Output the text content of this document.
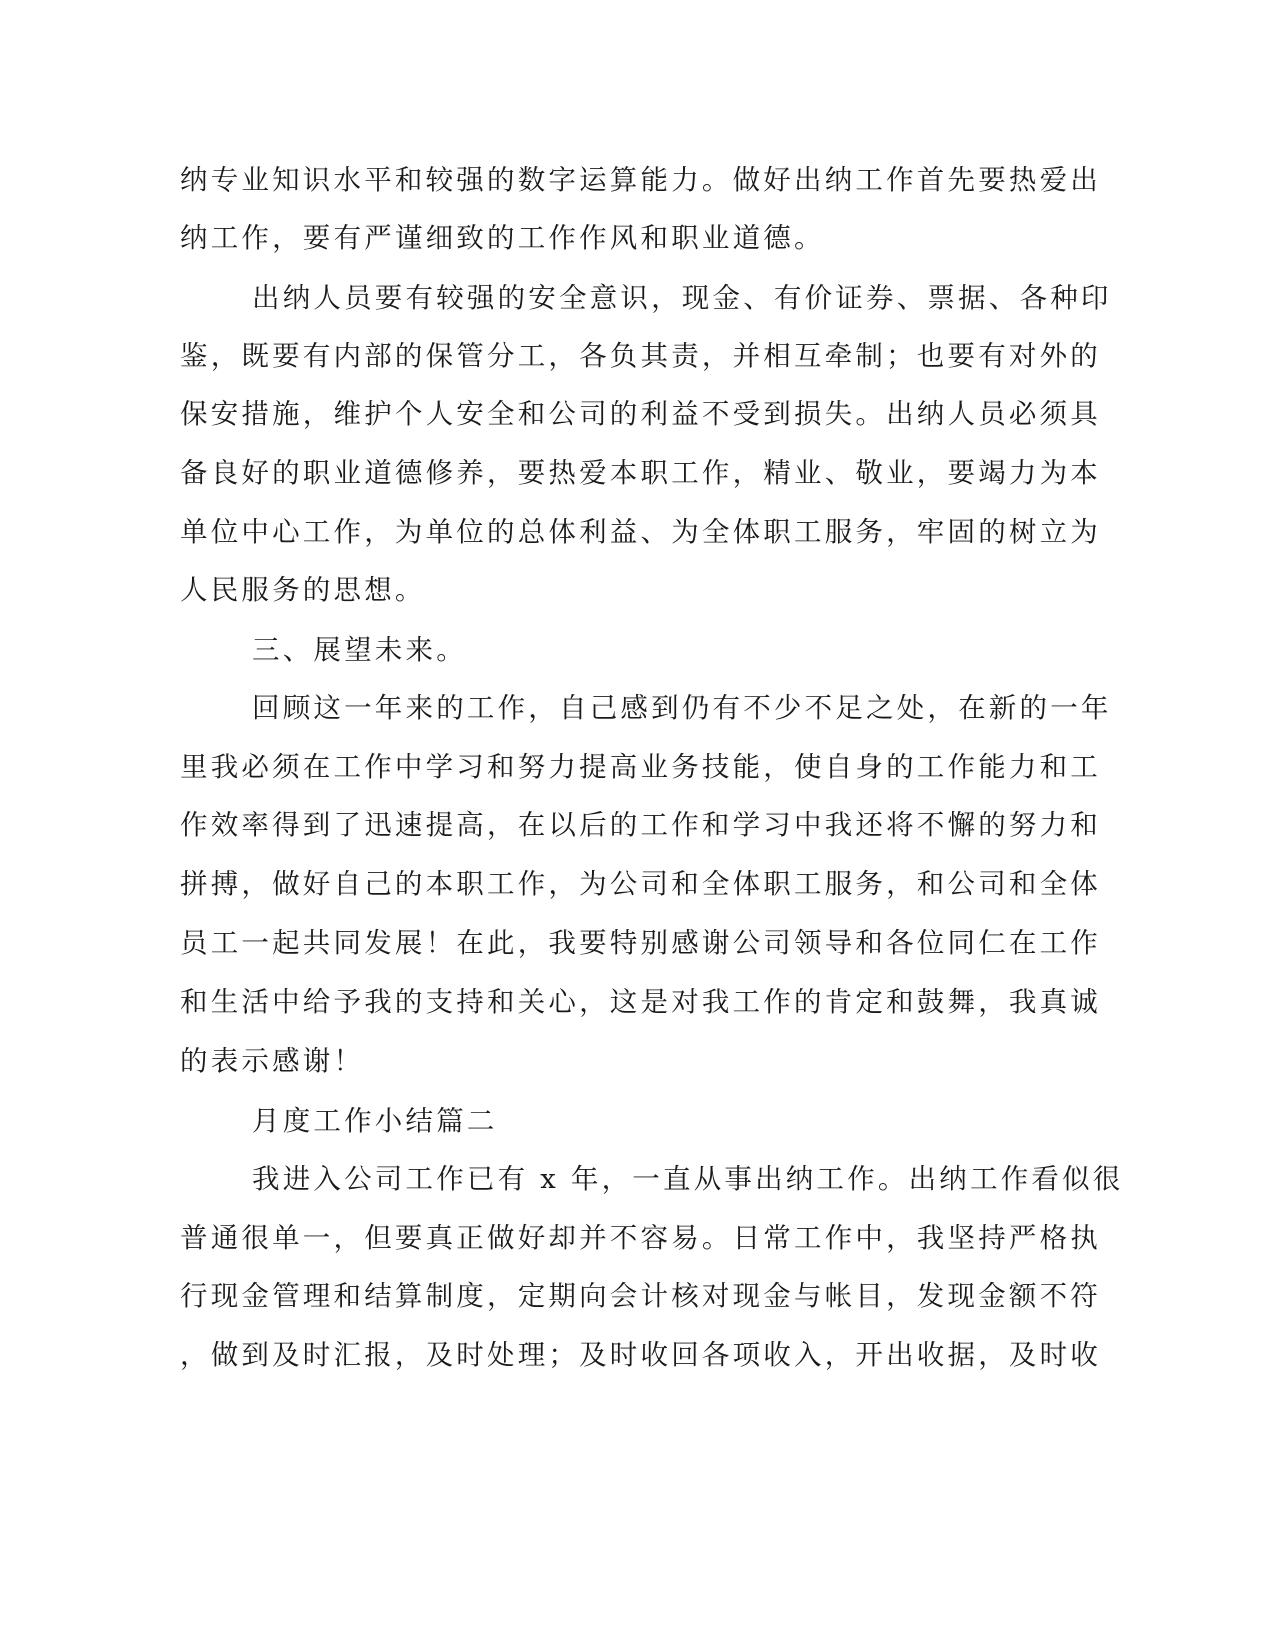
纳专业知识水平和较强的数字运算能力。做好出纳工作首先要热爱出
纳工作，要有严谨细致的工作作风和职业道德。
出纳人员要有较强的安全意识，现金、有价证券、票据、各种印
鉴，既要有内部的保管分工，各负其责，并相互牵制；也要有对外的
保安措施，维护个人安全和公司的利益不受到损失。出纳人员必须具
备良好的职业道德修养，要热爱本职工作，精业、敬业，要竭力为本
单位中心工作，为单位的总体利益、为全体职工服务，牢固的树立为
人民服务的思想。
三、展望未来。
回顾这一年来的工作，自己感到仍有不少不足之处，在新的一年
里我必须在工作中学习和努力提高业务技能，使自身的工作能力和工
作效率得到了迅速提高，在以后的工作和学习中我还将不懈的努力和
拼搏，做好自己的本职工作，为公司和全体职工服务，和公司和全体
员工一起共同发展！在此，我要特别感谢公司领导和各位同仁在工作
和生活中给予我的支持和关心，这是对我工作的肯定和鼓舞，我真诚
的表示感谢！
月度工作小结篇二
我进入公司工作已有 x 年，一直从事出纳工作。出纳工作看似很
普通很单一，但要真正做好却并不容易。日常工作中，我坚持严格执
行现金管理和结算制度，定期向会计核对现金与帐目，发现金额不符
，做到及时汇报，及时处理；及时收回各项收入，开出收据，及时收
